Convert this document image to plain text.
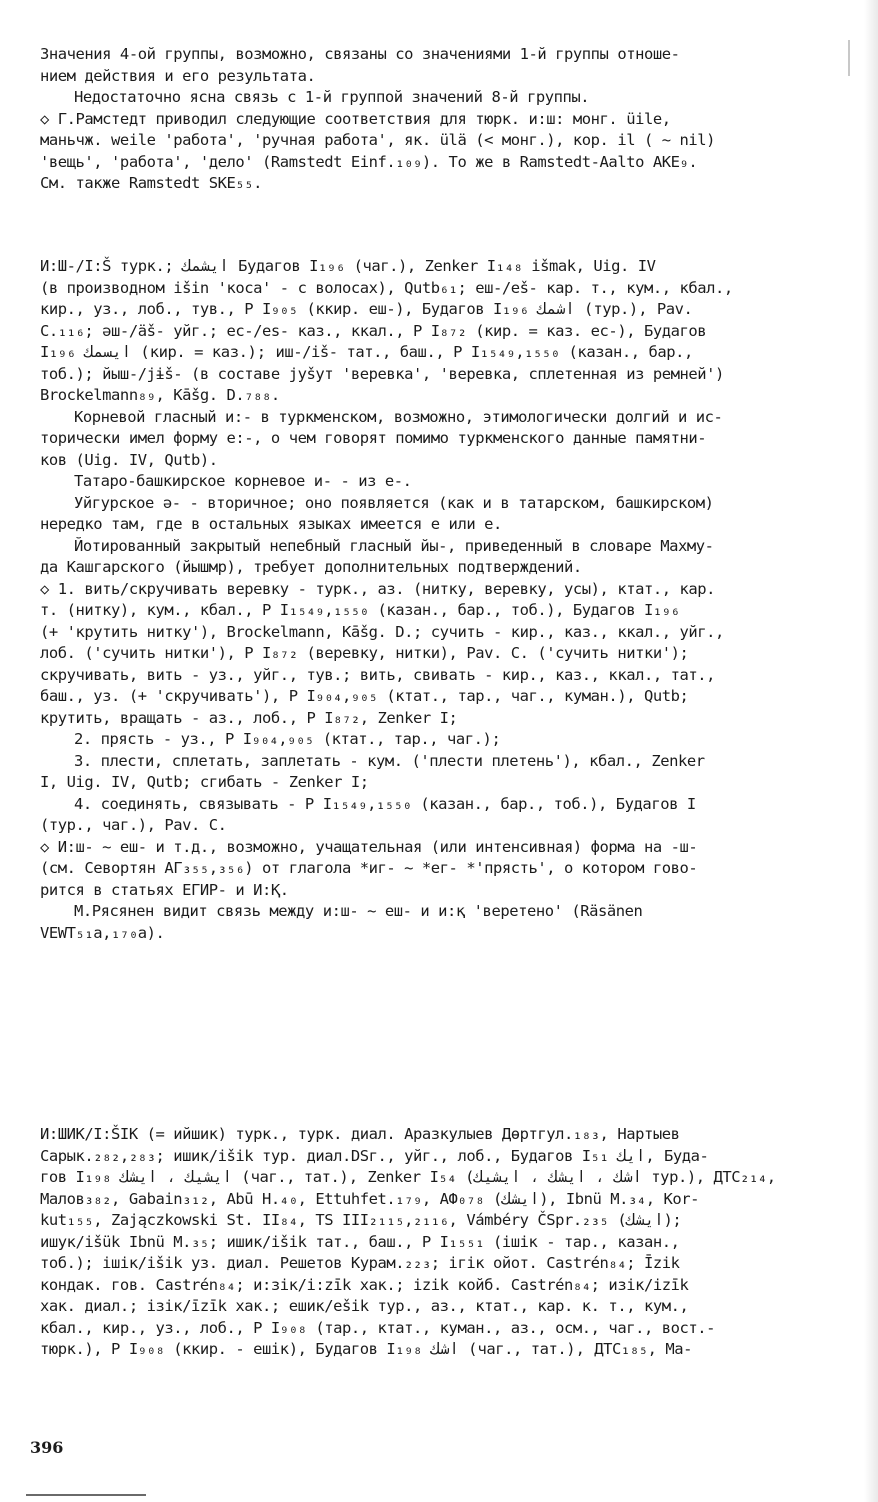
Значения 4-ой группы, возможно, связаны со значениями 1-й группы отноше-
нием действия и его результата.
Недостаточно ясна связь с 1-й группой значений 8-й группы.
◇ Г.Рамстедт приводил следующие соответствия для тюрк. и:ш: монг. üile,
маньчж. weile 'работа', 'ручная работа', як. ülä (< монг.), кор. il ( ~ nil)
'вещь', 'работа', 'дело' (Ramstedt Einf.₁₀₉). То же в Ramstedt-Aalto AKE₉.
См. также Ramstedt SKE₅₅.
И:Ш-/I:Š турк.; ايشمك Будагов I₁₉₆ (чаг.), Zenker I₁₄₈ išmak, Uig. IV
(в производном išin 'коса' - с волосах), Qutb₆₁; еш-/eš- кар. т., кум., кбал.,
кир., уз., лоб., тув., Р I₉₀₅ (ккир. еш-), Будагов I₁₉₆ اشمك (тур.), Pav.
C.₁₁₆; әш-/äš- уйг.; ес-/es- каз., ккал., Р I₈₇₂ (кир. = каз. ес-), Будагов
I₁₉₆ ايسمك (кир. = каз.); иш-/iš- тат., баш., Р I₁₅₄₉,₁₅₅₀ (казан., бар.,
тоб.); йыш-/jɨš- (в составе jyšyт 'веревка', 'веревка, сплетенная из ремней')
Brockelmann₈₉, Kāšg. D.₇₈₈.
Корневой гласный и:- в туркменском, возможно, этимологически долгий и ис-
торически имел форму е:-, о чем говорят помимо туркменского данные памятни-
ков (Uig. IV, Qutb).
Татаро-башкирское корневое и- - из е-.
Уйгурское ә- - вторичное; оно появляется (как и в татарском, башкирском)
нередко там, где в остальных языках имеется е или е.
Йотированный закрытый непебный гласный йы-, приведенный в словаре Махму-
да Кашгарского (йышмр), требует дополнительных подтверждений.
◇ 1. вить/скручивать веревку - турк., аз. (нитку, веревку, усы), ктат., кар.
т. (нитку), кум., кбал., Р I₁₅₄₉,₁₅₅₀ (казан., бар., тоб.), Будагов I₁₉₆
(+ 'крутить нитку'), Brockelmann, Kāšg. D.; сучить - кир., каз., ккал., уйг.,
лоб. ('сучить нитки'), Р I₈₇₂ (веревку, нитки), Pav. C. ('сучить нитки');
скручивать, вить - уз., уйг., тув.; вить, свивать - кир., каз., ккал., тат.,
баш., уз. (+ 'скручивать'), Р I₉₀₄,₉₀₅ (ктат., тар., чаг., куман.), Qutb;
крутить, вращать - аз., лоб., Р I₈₇₂, Zenker I;
2. прясть - уз., Р I₉₀₄,₉₀₅ (ктат., тар., чаг.);
3. плести, сплетать, заплетать - кум. ('плести плетень'), кбал., Zenker
I, Uig. IV, Qutb; сгибать - Zenker I;
4. соединять, связывать - Р I₁₅₄₉,₁₅₅₀ (казан., бар., тоб.), Будагов I
(тур., чаг.), Pav. C.
◇ И:ш- ~ еш- и т.д., возможно, учащательная (или интенсивная) форма на -ш-
(см. Севортян АГ₃₅₅,₃₅₆) от глагола *иг- ~ *ег- *'прясть', о котором гово-
рится в статьях ЕГИР- и И:Қ.
М.Рясянен видит связь между и:ш- ~ еш- и и:қ 'веретено' (Räsänen
VEWT₅₁а,₁₇₀а).
И:ШИК/I:ŠIK (= ийшик) турк., турк. диал. Аразкулыев Дөртгул.₁₈₃, Нартыев
Сарык.₂₈₂,₂₈₃; ишик/išik тур. диал.DSг., уйг., лоб., Будагов I₅₁ ايك, Буда-
гов I₁₉₈ ايشيك ، ايشك (чаг., тат.), Zenker I₅₄ (اشك ، ايشك ، ايشيك тур.), ДТС₂₁₄,
Малов₃₈₂, Gabain₃₁₂, Abū H.₄₀, Ettuhfet.₁₇₉, АФ₀₇₈ (ايشك), Ibnü M.₃₄, Kor-
kut₁₅₅, Zajączkowski St. II₈₄, TS III₂₁₁₅,₂₁₁₆, Vámbéry ČSpr.₂₃₅ (ايشك);
ишук/išük Ibnü M.₃₅; ишик/išik тат., баш., Р I₁₅₅₁ (ішік - тар., казан.,
тоб.); ішік/išik уз. диал. Решетов Курам.₂₂₃; ігік ойот. Castrén₈₄; Īzik
кондак. гов. Castrén₈₄; и:зік/i:zīk хак.; izik койб. Castrén₈₄; изік/izīk
хак. диал.; ізік/īzīk хак.; ешик/ešik тур., аз., ктат., кар. к. т., кум.,
кбал., кир., уз., лоб., Р I₉₀₈ (тар., ктат., куман., аз., осм., чаг., вост.-
тюрк.), Р I₉₀₈ (ккир. - ешік), Будагов I₁₉₈ اشك (чаг., тат.), ДТС₁₈₅, Ма-
396
